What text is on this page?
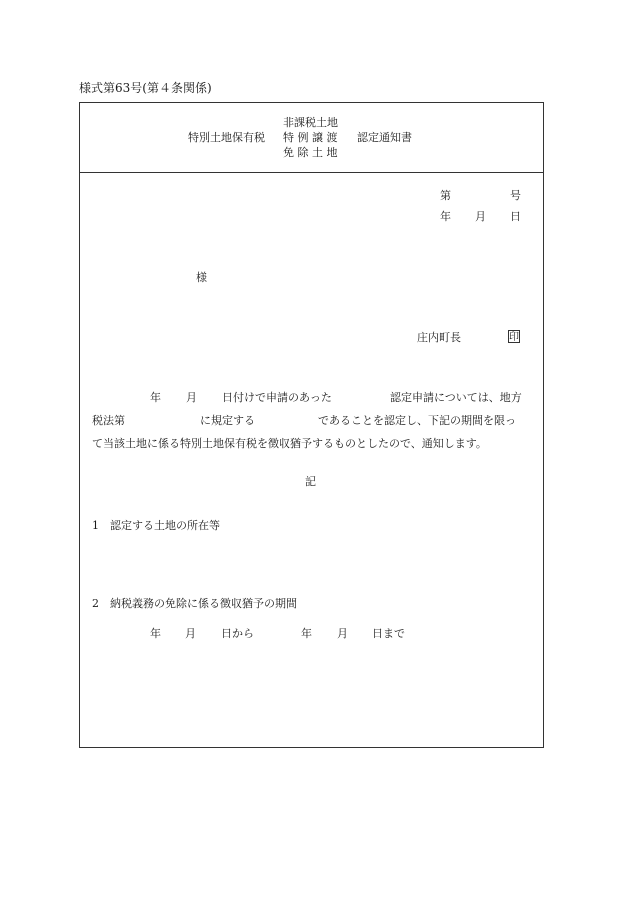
様式第63号(第４条関係)
非課税土地
特別土地保有税 特 例 譲 渡 認定通知書
免 除 土 地
第	号
年 月 日
様
庄内町長	印
年 月 日付けで申請のあった	認定申請については、地方
税法第	に規定する	であることを認定し、下記の期間を限っ
て当該土地に係る特別土地保有税を徴収猶予するものとしたので、通知します。
記
1　認定する土地の所在等
2　納税義務の免除に係る徴収猶予の期間
年 月 日から	年 月 日まで
